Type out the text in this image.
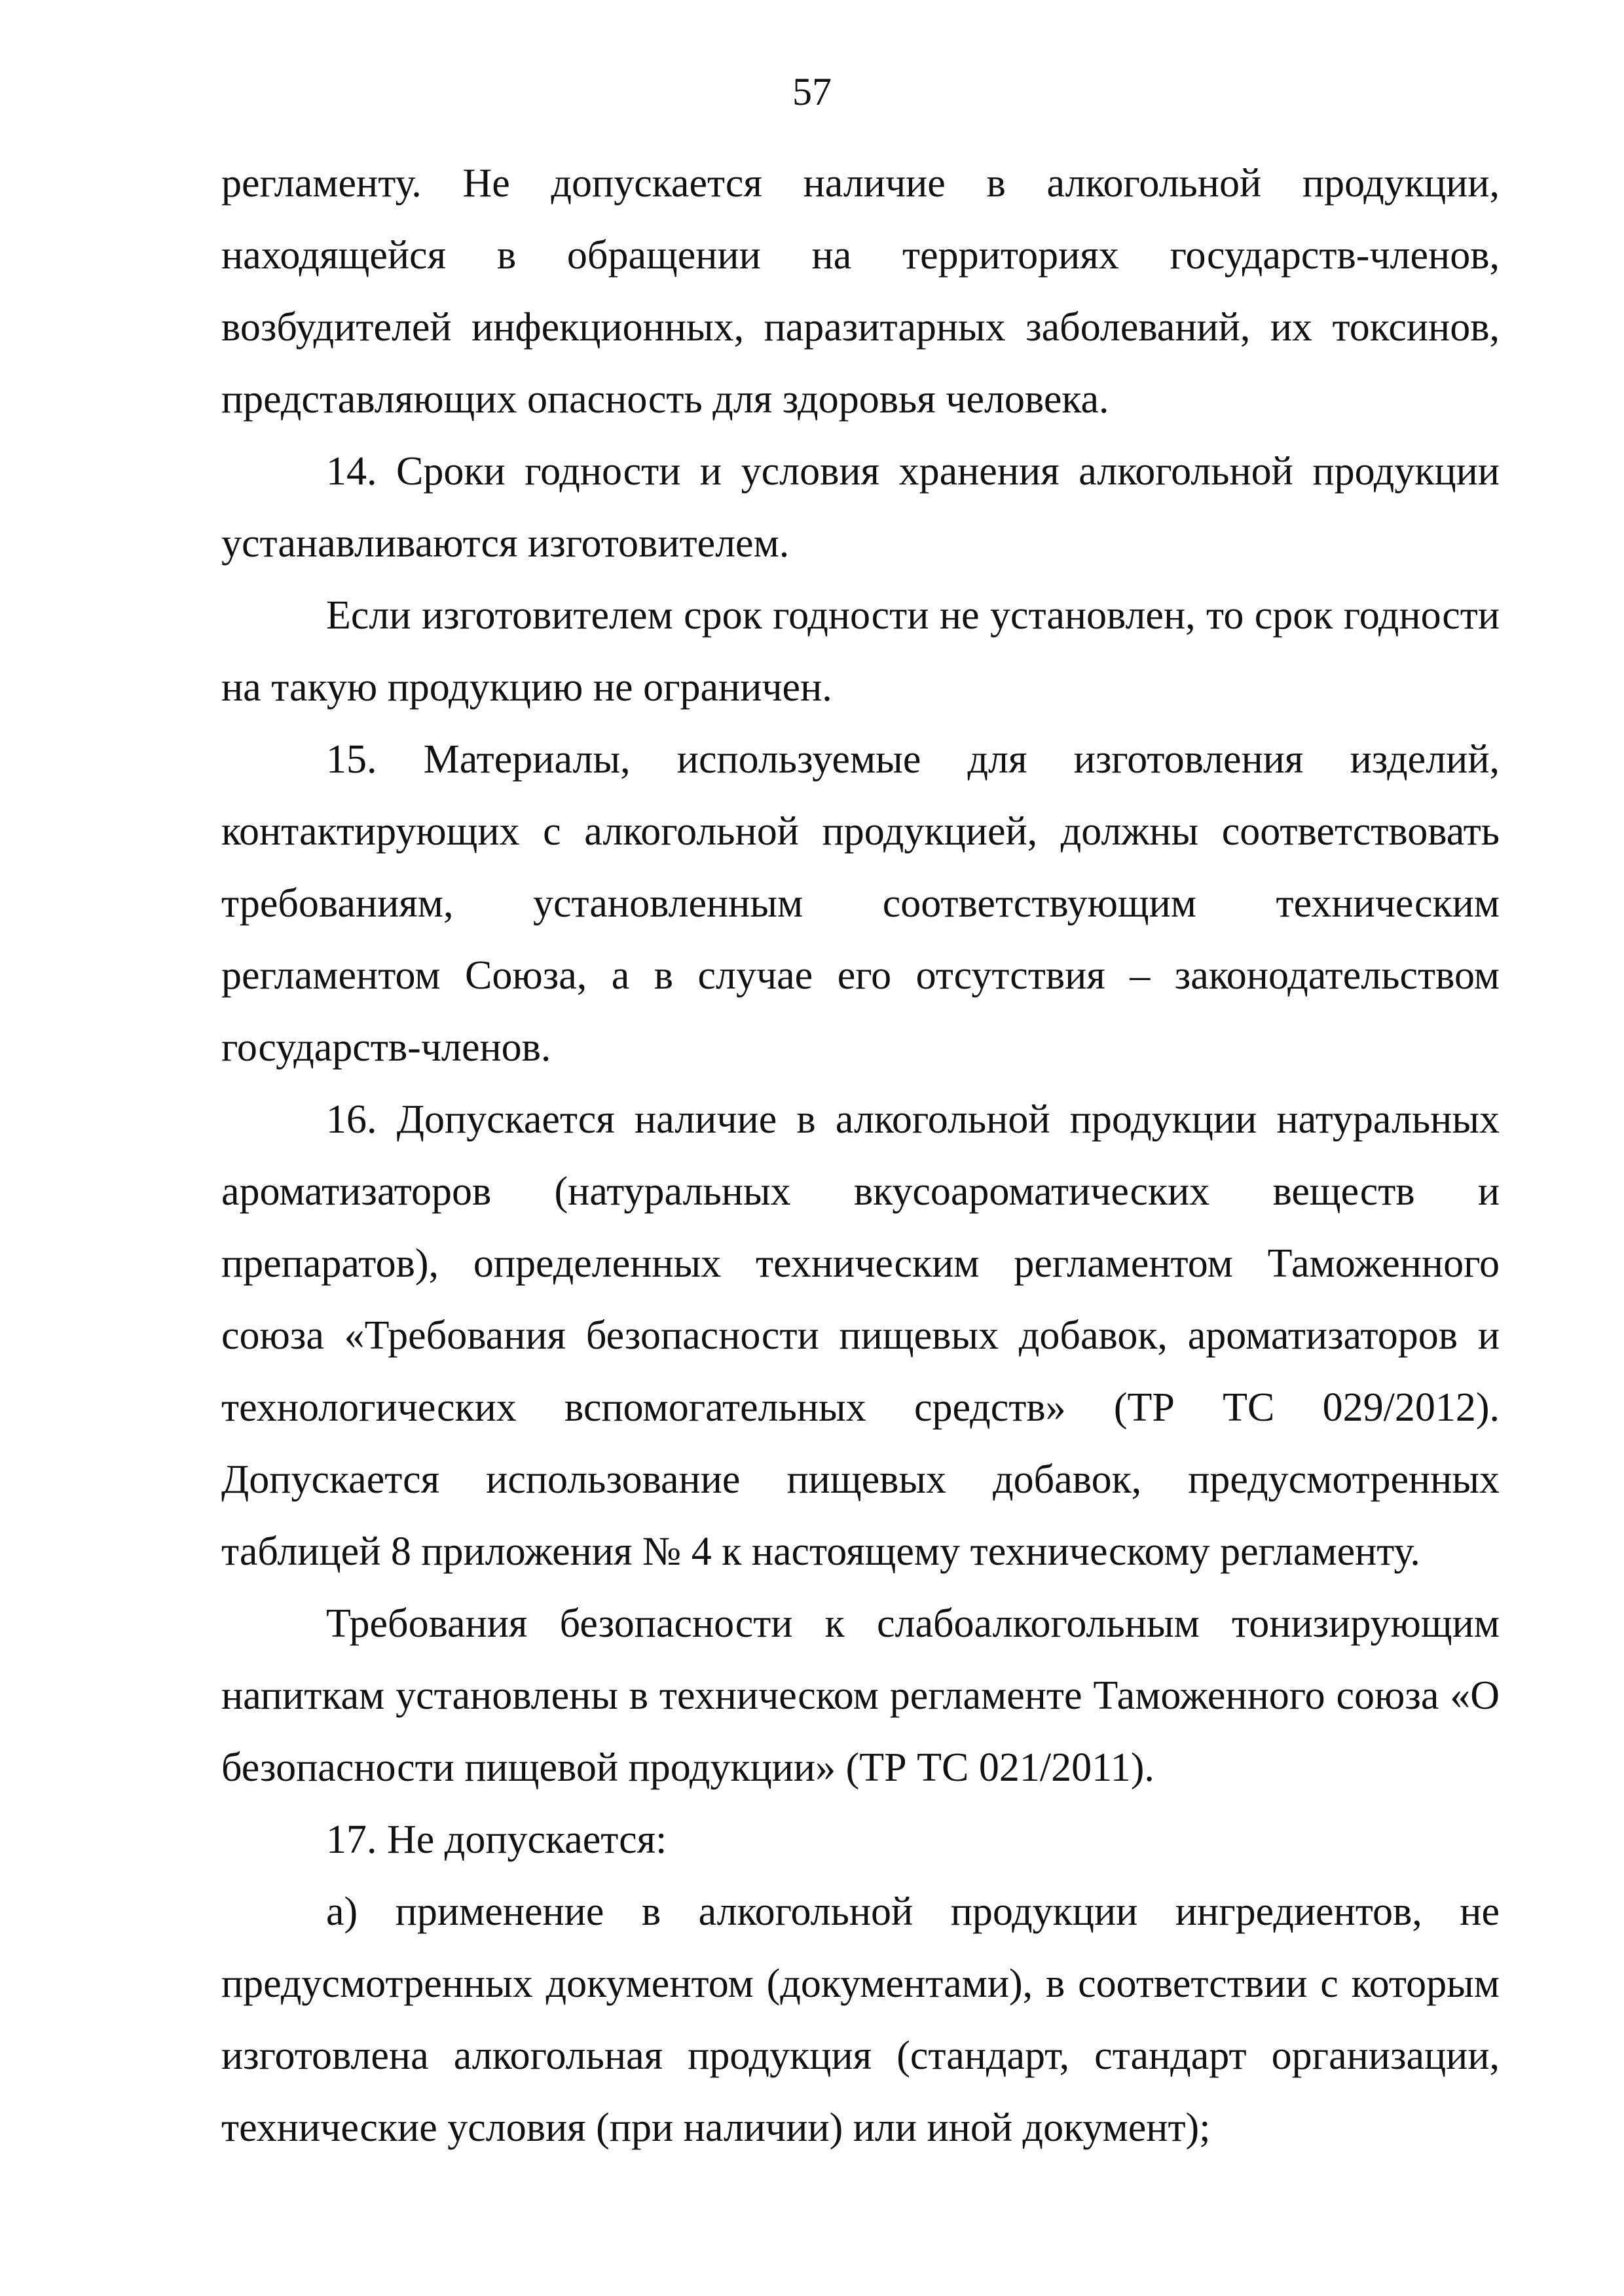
57

регламенту. Не допускается наличие в алкогольной продукции, находящейся в обращении на территориях государств-членов, возбудителей инфекционных, паразитарных заболеваний, их токсинов, представляющих опасность для здоровья человека.

14. Сроки годности и условия хранения алкогольной продукции устанавливаются изготовителем.

Если изготовителем срок годности не установлен, то срок годности на такую продукцию не ограничен.

15. Материалы, используемые для изготовления изделий, контактирующих с алкогольной продукцией, должны соответствовать требованиям, установленным соответствующим техническим регламентом Союза, а в случае его отсутствия – законодательством государств-членов.

16. Допускается наличие в алкогольной продукции натуральных ароматизаторов (натуральных вкусоароматических веществ и препаратов), определенных техническим регламентом Таможенного союза «Требования безопасности пищевых добавок, ароматизаторов и технологических вспомогательных средств» (ТР ТС 029/2012). Допускается использование пищевых добавок, предусмотренных таблицей 8 приложения № 4 к настоящему техническому регламенту.

Требования безопасности к слабоалкогольным тонизирующим напиткам установлены в техническом регламенте Таможенного союза «О безопасности пищевой продукции» (ТР ТС 021/2011).

17. Не допускается:

а) применение в алкогольной продукции ингредиентов, не предусмотренных документом (документами), в соответствии с которым изготовлена алкогольная продукция (стандарт, стандарт организации, технические условия (при наличии) или иной документ);
